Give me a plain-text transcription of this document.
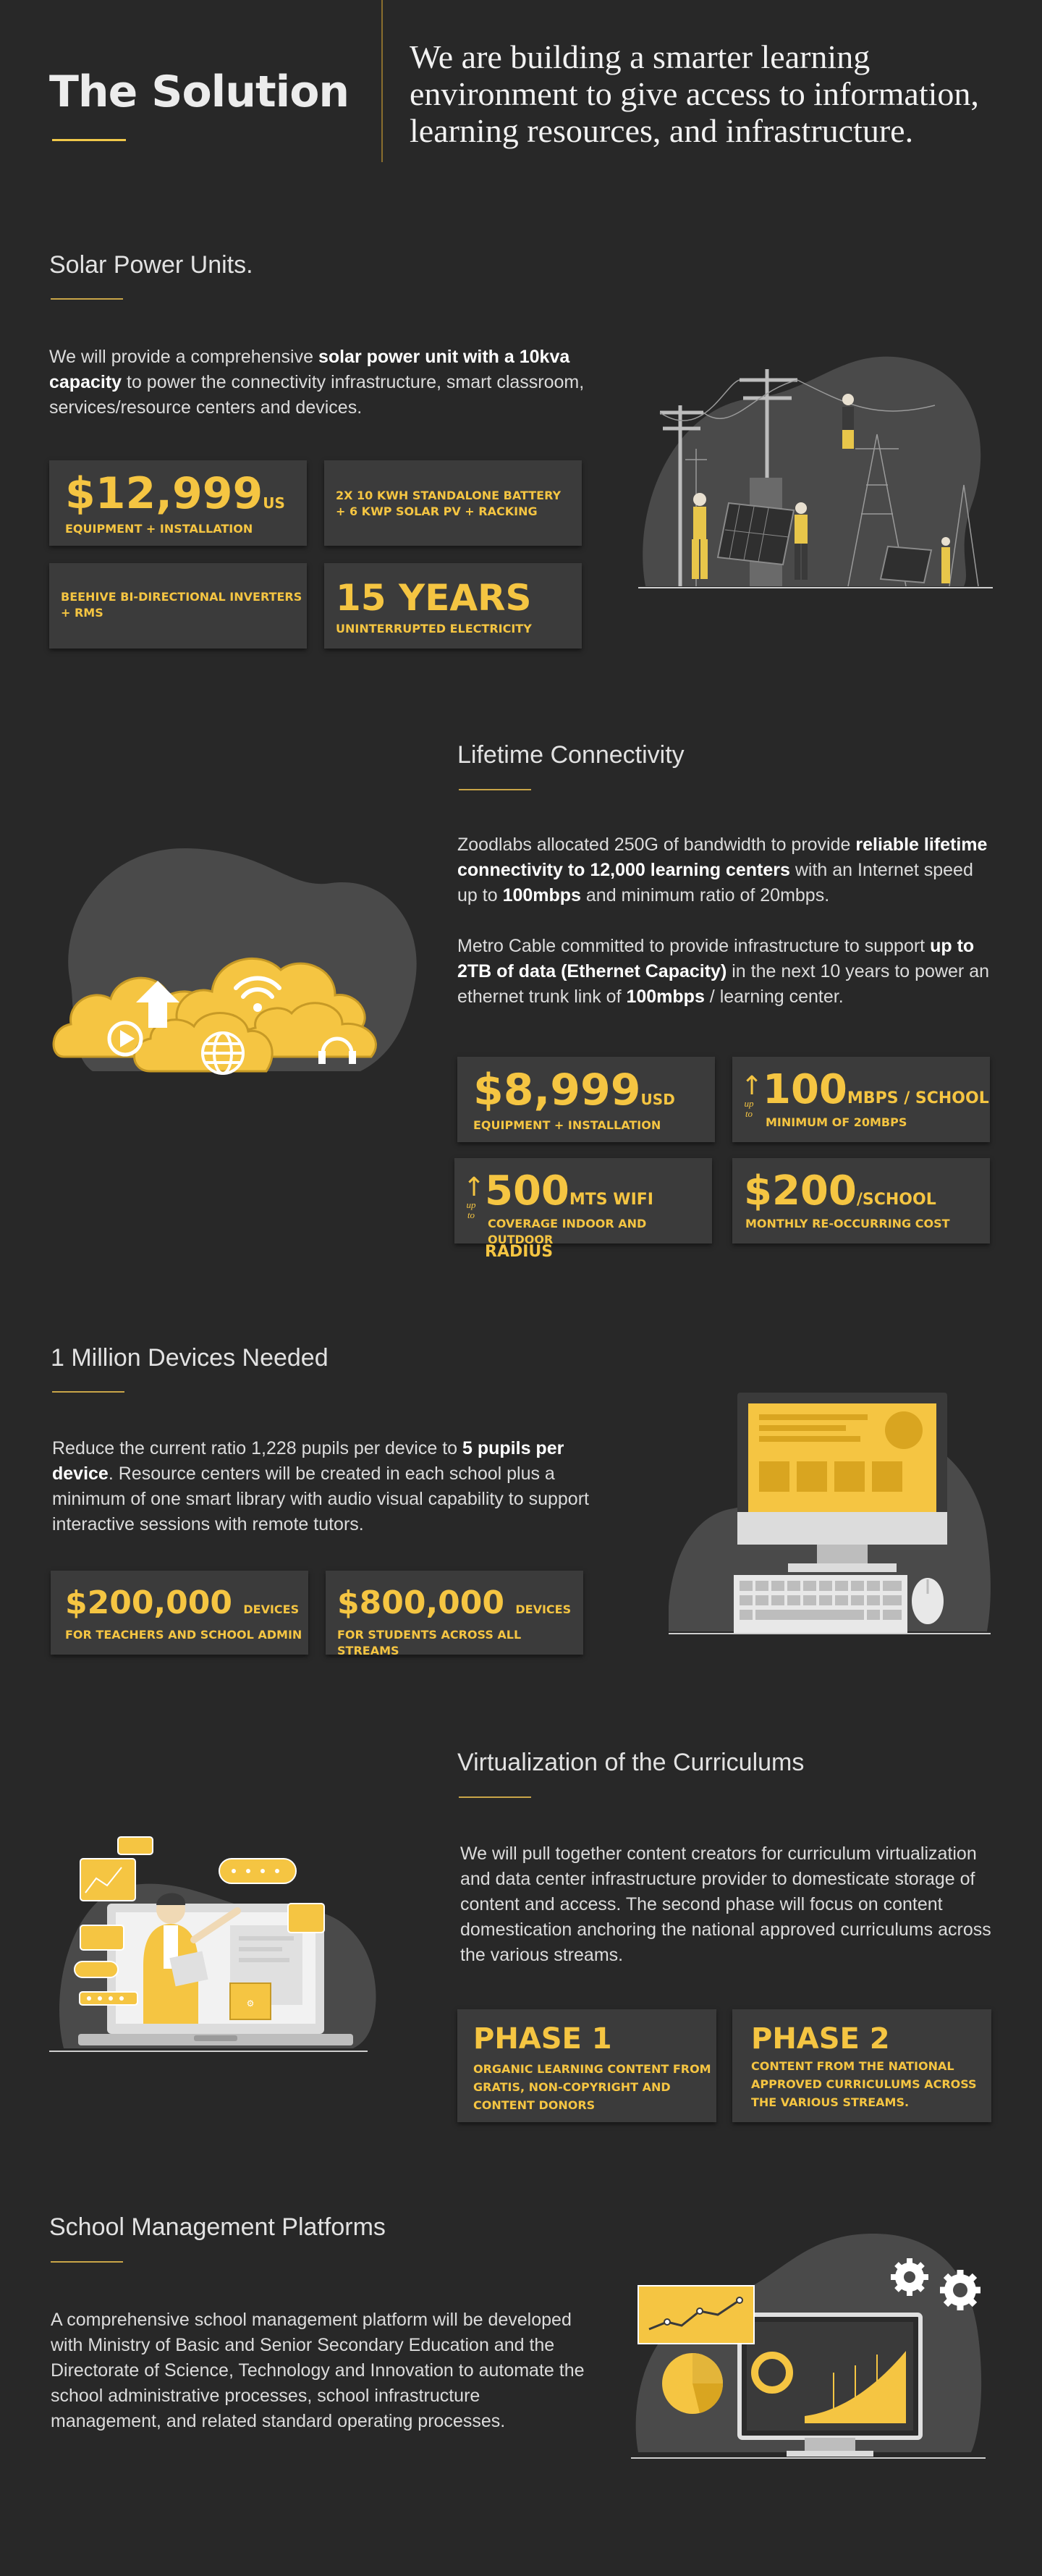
The Solution
We are building a smarter learning environment to give access to information, learning resources, and infrastructure.
Solar Power Units.
We will provide a comprehensive solar power unit with a 10kva capacity to power the connectivity infrastructure, smart classroom, services/resource centers and devices.
$12,999US
EQUIPMENT + INSTALLATION
2X 10 KWH STANDALONE BATTERY
+ 6 KWP SOLAR PV + RACKING
BEEHIVE BI-DIRECTIONAL INVERTERS
+ RMS	15 YEARS
UNINTERRUPTED ELECTRICITY
Lifetime Connectivity
Zoodlabs allocated 250G of bandwidth to provide reliable lifetime connectivity to 12,000 learning centers with an Internet speed up to 100mbps and minimum ratio of 20mbps.
Metro Cable committed to provide infrastructure to support up to 2TB of data (Ethernet Capacity) in the next 10 years to power an ethernet trunk link of 100mbps / learning center.
$8,999USD
EQUIPMENT + INSTALLATION
↑
up to
100MBPS / SCHOOL
MINIMUM OF 20MBPS
↑
up to
500MTS WIFI RADIUS
COVERAGE INDOOR AND OUTDOOR
$200/SCHOOL
MONTHLY RE-OCCURRING COST
1 Million Devices Needed
Reduce the current ratio 1,228 pupils per device to 5 pupils per device. Resource centers will be created in each school plus a minimum of one smart library with audio visual capability to support interactive sessions with remote tutors.
$200,000 DEVICES
FOR TEACHERS AND SCHOOL ADMIN
$800,000 DEVICES
FOR STUDENTS ACROSS ALL STREAMS
Virtualization of the Curriculums
We will pull together content creators for curriculum virtualization and data center infrastructure provider to domesticate storage of content and access. The second phase will focus on content domestication anchoring the national approved curriculums across the various streams.
PHASE 1
ORGANIC LEARNING CONTENT FROM
GRATIS, NON-COPYRIGHT AND
CONTENT DONORS
PHASE 2
CONTENT FROM THE NATIONAL
APPROVED CURRICULUMS ACROSS
THE VARIOUS STREAMS.
⚙
School Management Platforms
A comprehensive school management platform will be developed with Ministry of Basic and Senior Secondary Education and the Directorate of Science, Technology and Innovation to automate the school administrative processes, school infrastructure management, and related standard operating processes.
